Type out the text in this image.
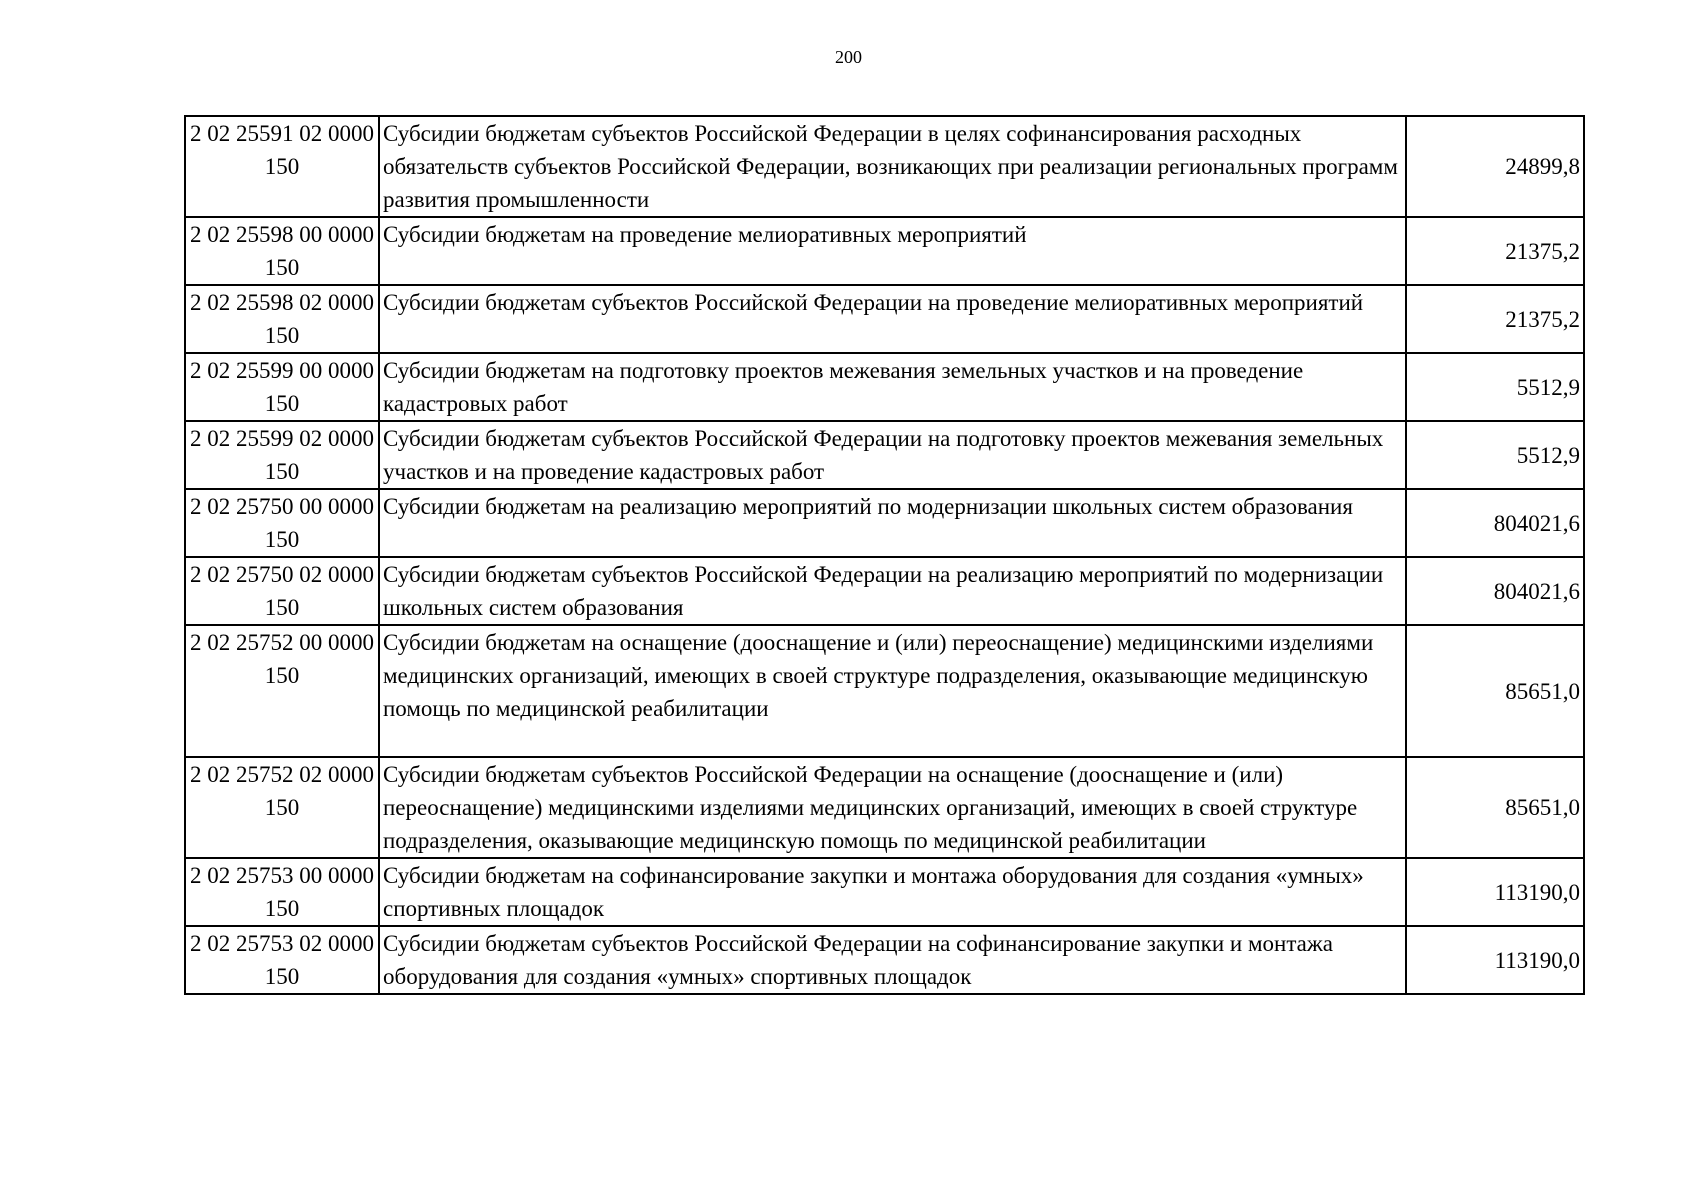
200
2 02 25591 02 0000 150	Субсидии бюджетам субъектов Российской Федерации в целях софинансирования расходных обязательств субъектов Российской Федерации, возникающих при реализации региональных программ развития промышленности	24899,8
2 02 25598 00 0000 150	Субсидии бюджетам на проведение мелиоративных мероприятий	21375,2
2 02 25598 02 0000 150	Субсидии бюджетам субъектов Российской Федерации на проведение мелиоративных мероприятий	21375,2
2 02 25599 00 0000 150	Субсидии бюджетам на подготовку проектов межевания земельных участков и на проведение кадастровых работ	5512,9
2 02 25599 02 0000 150	Субсидии бюджетам субъектов Российской Федерации на подготовку проектов межевания земельных участков и на проведение кадастровых работ	5512,9
2 02 25750 00 0000 150	Субсидии бюджетам на реализацию мероприятий по модернизации школьных систем образования	804021,6
2 02 25750 02 0000 150	Субсидии бюджетам субъектов Российской Федерации на реализацию мероприятий по модернизации школьных систем образования	804021,6
2 02 25752 00 0000 150	Субсидии бюджетам на оснащение (дооснащение и (или) переоснащение) медицинскими изделиями медицинских организаций, имеющих в своей структуре подразделения, оказывающие медицинскую помощь по медицинской реабилитации	85651,0
2 02 25752 02 0000 150	Субсидии бюджетам субъектов Российской Федерации на оснащение (дооснащение и (или) переоснащение) медицинскими изделиями медицинских организаций, имеющих в своей структуре подразделения, оказывающие медицинскую помощь по медицинской реабилитации	85651,0
2 02 25753 00 0000 150	Субсидии бюджетам на софинансирование закупки и монтажа оборудования для создания «умных» спортивных площадок	113190,0
2 02 25753 02 0000 150	Субсидии бюджетам субъектов Российской Федерации на софинансирование закупки и монтажа оборудования для создания «умных» спортивных площадок	113190,0
